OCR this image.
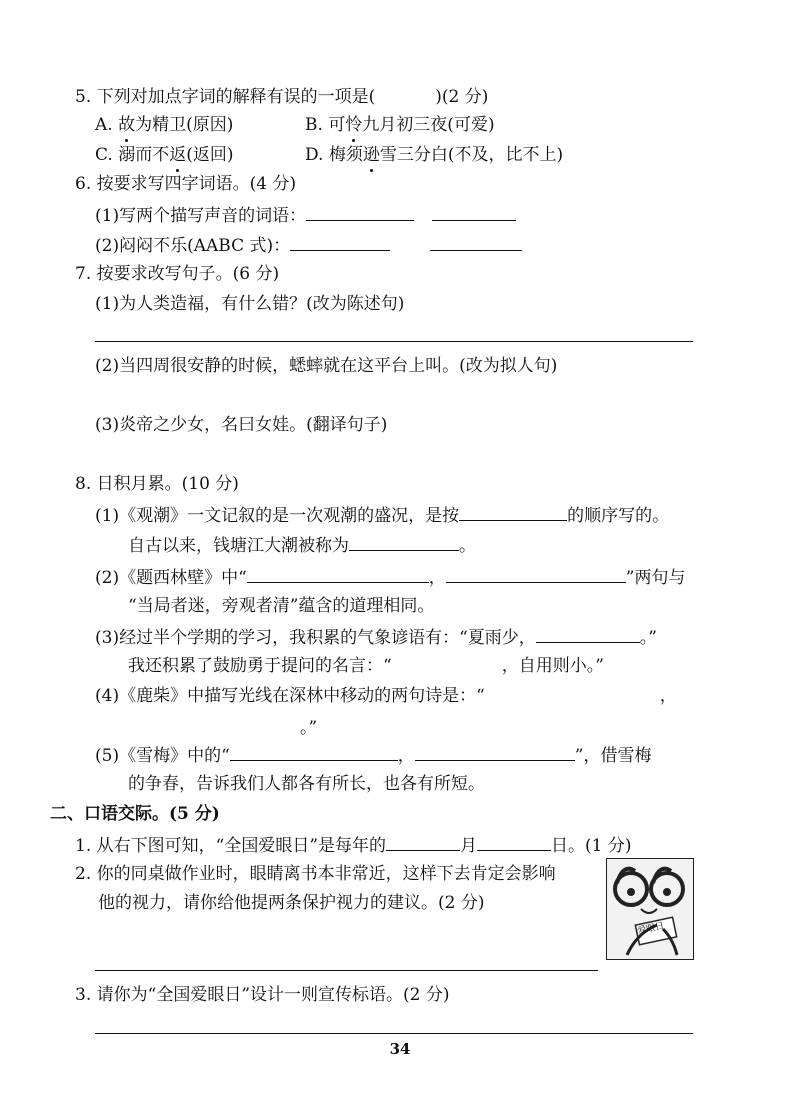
5. 下列对加点字词的解释有误的一项是(	)(2 分)
A. 故为精卫(原因)	B. 可怜九月初三夜(可爱)
C. 溺而不返(返回)	D. 梅须逊雪三分白(不及，比不上)
6. 按要求写四字词语。(4 分)
(1)写两个描写声音的词语：
(2)闷闷不乐(AABC 式)：
7. 按要求改写句子。(6 分)
(1)为人类造福，有什么错？(改为陈述句)
(2)当四周很安静的时候，蟋蟀就在这平台上叫。(改为拟人句)
(3)炎帝之少女，名曰女娃。(翻译句子)
8. 日积月累。(10 分)
(1)《观潮》一文记叙的是一次观潮的盛况，是按	的顺序写的。
自古以来，钱塘江大潮被称为	。
(2)《题西林壁》中“	，	”两句与
“当局者迷，旁观者清”蕴含的道理相同。
(3)经过半个学期的学习，我积累的气象谚语有：“夏雨少，	。”
我还积累了鼓励勇于提问的名言：“	，自用则小。”
(4)《鹿柴》中描写光线在深林中移动的两句诗是：“	，
。”
(5)《雪梅》中的“	，	”，借雪梅
的争春，告诉我们人都各有所长，也各有所短。
二、口语交际。(5 分)
1. 从右下图可知，“全国爱眼日”是每年的	月	日。(1 分)
2. 你的同桌做作业时，眼睛离书本非常近，这样下去肯定会影响
他的视力，请你给他提两条保护视力的建议。(2 分)
爱眼日
3. 请你为“全国爱眼日”设计一则宣传标语。(2 分)
34
